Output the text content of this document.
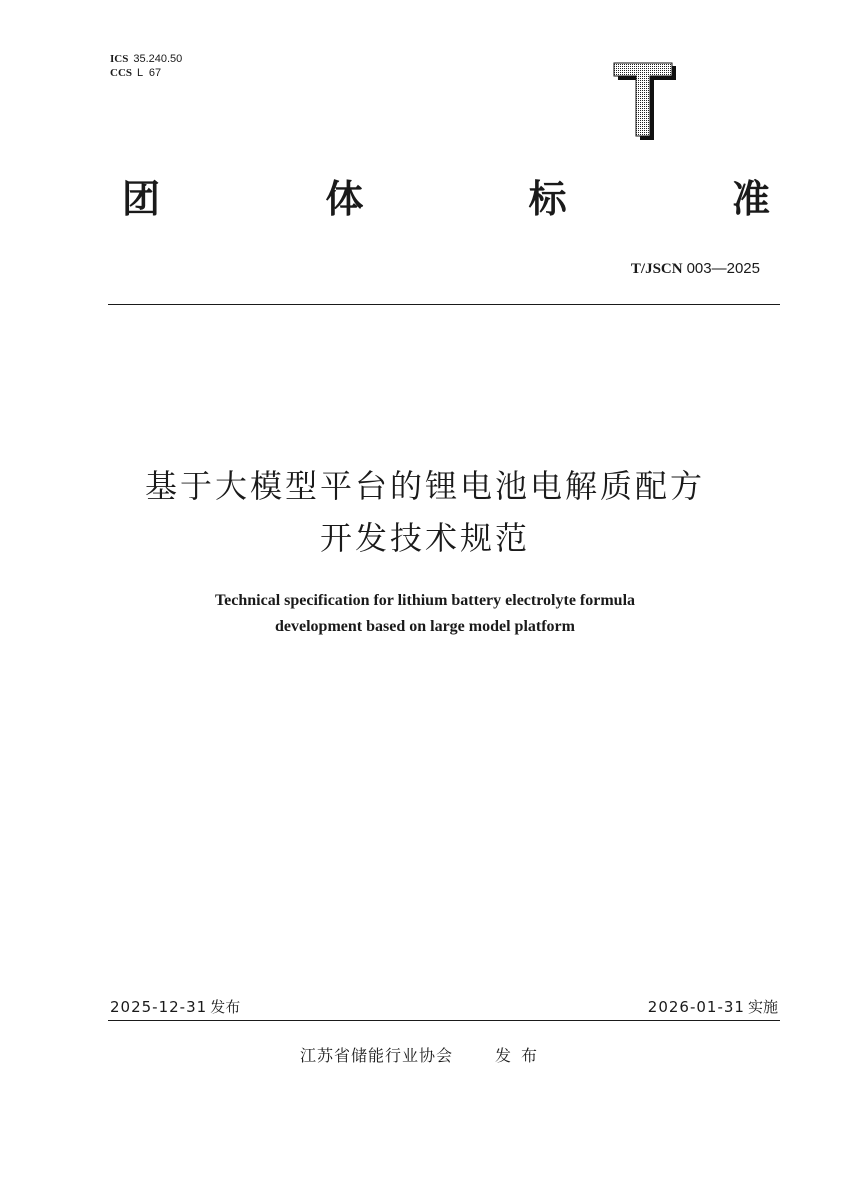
ICS 35.240.50
CCS L  67
团	体	标	准
T/JSCN 003—2025
基于大模型平台的锂电池电解质配方
开发技术规范
Technical specification for lithium battery electrolyte formula
development based on large model platform
2025-12-31 发布	2026-01-31 实施
江苏省储能行业协会	发布
